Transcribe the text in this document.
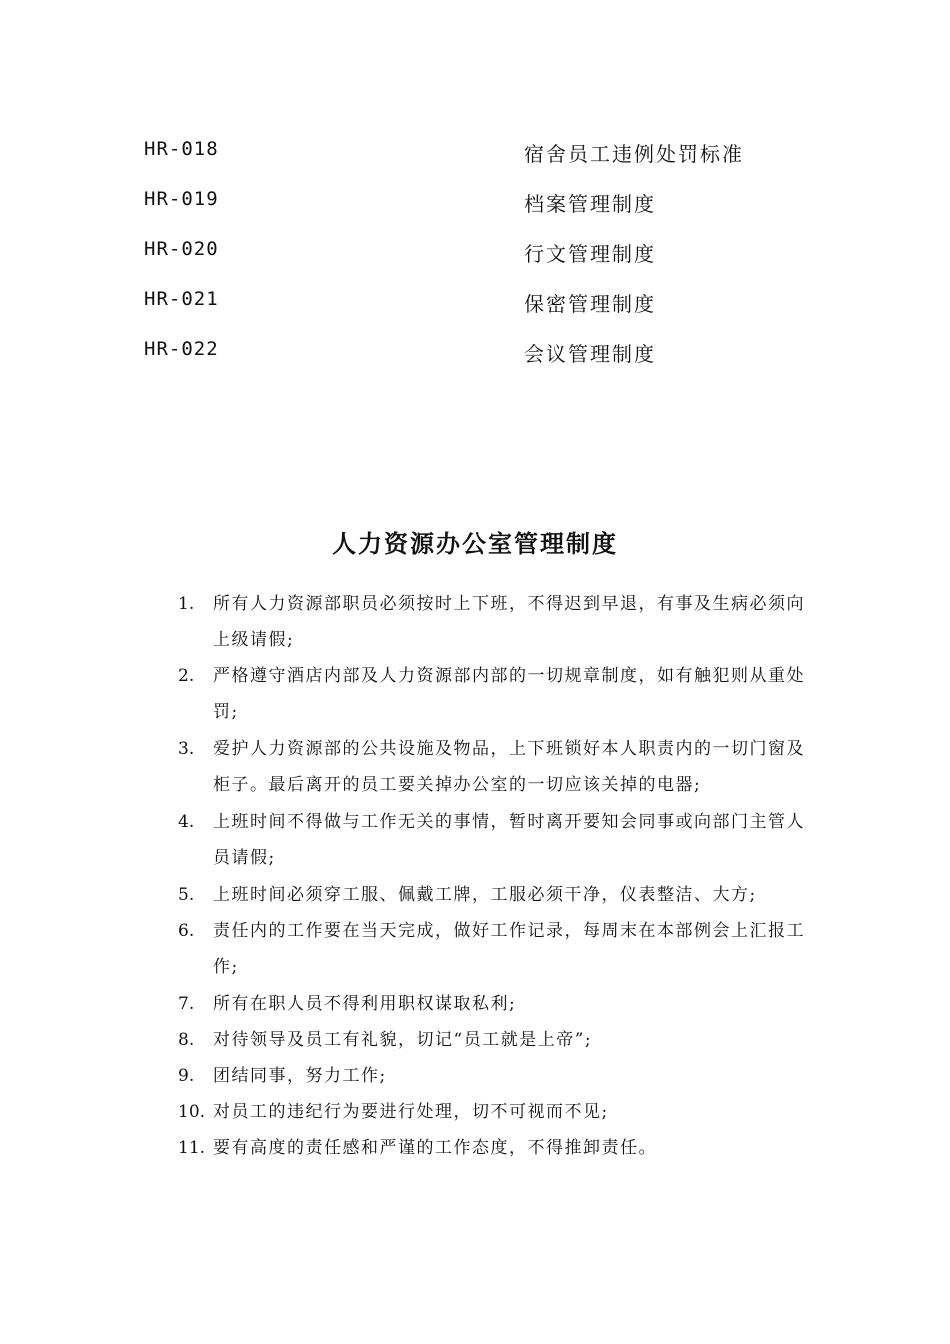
HR-018	宿舍员工违例处罚标准
HR-019	档案管理制度
HR-020	行文管理制度
HR-021	保密管理制度
HR-022	会议管理制度
人力资源办公室管理制度
1. 所有人力资源部职员必须按时上下班，不得迟到早退，有事及生病必须向上级请假;
2. 严格遵守酒店内部及人力资源部内部的一切规章制度，如有触犯则从重处罚;
3. 爱护人力资源部的公共设施及物品，上下班锁好本人职责内的一切门窗及柜子。最后离开的员工要关掉办公室的一切应该关掉的电器;
4. 上班时间不得做与工作无关的事情，暂时离开要知会同事或向部门主管人员请假;
5. 上班时间必须穿工服、佩戴工牌，工服必须干净，仪表整洁、大方;
6. 责任内的工作要在当天完成，做好工作记录，每周末在本部例会上汇报工作;
7. 所有在职人员不得利用职权谋取私利;
8. 对待领导及员工有礼貌，切记“员工就是上帝”;
9. 团结同事，努力工作;
10. 对员工的违纪行为要进行处理，切不可视而不见;
11. 要有高度的责任感和严谨的工作态度，不得推卸责任。
